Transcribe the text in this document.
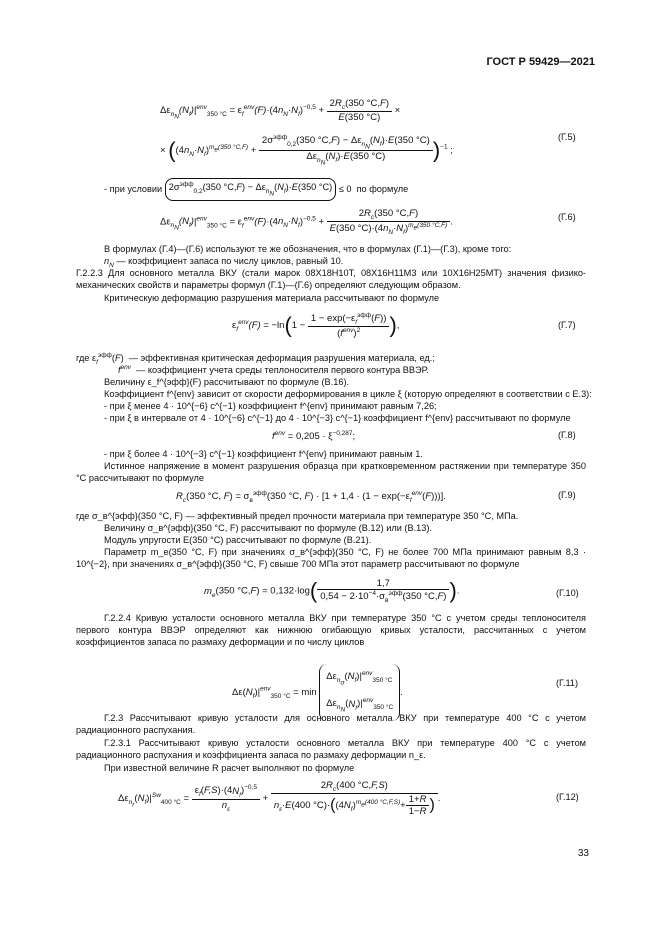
ГОСТ Р 59429—2021
$\Delta\varepsilon_{n_N}(N_f)|^{env}_{350 ^\circ C} = \varepsilon_f^{env}(F)\cdot(4n_N\cdot N_f)^{-0,5} + \frac{2R_c(350 ^\circ C,F)}{E(350 ^\circ C)}$ ×
× ($(4n_N\cdot N_f)^{m_e(350 ^\circ C,F)}$ +
$2\sigma^{эфф}_{0,2}(350$ $^\circ C,F) - \Delta\varepsilon_{n_N}(N_f)\cdot E(350$ °C)
$\Delta\varepsilon_{n_N}(N_f)\cdot E(350$ °C)	)$^{-1}$ ;
(Г.5)
- при условии $2\sigma^{эфф}_{0,2}(350$ $^\circ C,F) - \Delta\varepsilon_{n_N}(N_f)\cdot E(350$ °C) ≤ 0  по формуле
$\Delta\varepsilon_{n_N}(N_f)|^{env}_{350 ^\circ C} = \varepsilon_f^{env}(F)\cdot(4n_N\cdot N_f)^{-0,5} + \frac{2R_c(350 ^\circ C,F)}{E(350 ^\circ C)\cdot(4n_N\cdot N_f)^{m_e(350 ^\circ C,F)}}$ .	(Г.6)
В формулах (Г.4)—(Г.6) используют те же обозначения, что в формулах (Г.1)—(Г.3), кроме того:
$n_N$ — коэффициент запаса по числу циклов, равный 10.
Г.2.2.3 Для основного металла ВКУ (стали марок 08Х18Н10Т, 08Х16Н11М3 или 10Х16Н25МТ) значения физико-механических свойств и параметры формул (Г.1)—(Г.6) определяют следующим образом.
Критическую деформацию разрушения материала рассчитывают по формуле
$\varepsilon_f^{env}(F) = -\ln(1$ −
$1 - \exp(-\varepsilon_f^{эфф}(F))$
$(f^{env})^2$	),	(Г.7)
где $\varepsilon_f^{эфф}(F)$  — эффективная критическая деформация разрушения материала, ед.;
$f^{env}$  — коэффициент учета среды теплоносителя первого контура ВВЭР.
Величину ε_f^{эфф}(F) рассчитывают по формуле (В.16).
Коэффициент f^{env} зависит от скорости деформирования в цикле ξ (которую определяют в соответствии с Е.3):
- при ξ менее 4 · 10^{−6} с^{−1} коэффициент f^{env} принимают равным 7,26;
- при ξ в интервале от 4 · 10^{−6} с^{−1} до 4 · 10^{−3} с^{−1} коэффициент f^{env} рассчитывают по формуле
$f^{env} = 0,205 \cdot \xi^{-0,287}$;	(Г.8)
- при ξ более 4 · 10^{−3} с^{−1} коэффициент f^{env} принимают равным 1.
Истинное напряжение в момент разрушения образца при кратковременном растяжении при температуре 350 °С рассчитывают по формуле
$R_c(350$ °C, $F) = \sigma_в^{эфф}(350$ °C, $F) \cdot [1 + 1,4 \cdot (1 - \exp(-\varepsilon_f^{env}(F)))]$.	(Г.9)
где σ_в^{эфф}(350 °С, F) — эффективный предел прочности материала при температуре 350 °С, МПа.
Величину σ_в^{эфф}(350 °С, F) рассчитывают по формуле (В.12) или (В.13).
Модуль упругости E(350 °С) рассчитывают по формуле (В.21).
Параметр m_e(350 °С, F) при значениях σ_в^{эфф}(350 °С, F) не более 700 МПа принимают равным 8,3 · 10^{−2}, при значениях σ_в^{эфф}(350 °С, F) свыше 700 МПа этот параметр рассчитывают по формуле
$m_e(350$ °C,F) = 0,132·log(	1,7
$0,54 - 2\cdot 10^{-4}\cdot\sigma_в^{эфф}(350$ °C,F) ).	(Г.10)
Г.2.2.4 Кривую усталости основного металла ВКУ при температуре 350 °С с учетом среды теплоносителя первого контура ВВЭР определяют как нижнюю огибающую кривых усталости, рассчитанных с учетом коэффициентов запаса по размаху деформации и по числу циклов
$\Delta\varepsilon(N_f)|^{env}_{350 ^\circ C} = \min \Delta\varepsilon_{n_\sigma}(N_f)|^{env}_{350 ^\circ C}$
$\Delta\varepsilon_{n_N}(N_f)|^{env}_{350 ^\circ C}$.
(Г.11)
Г.2.3 Рассчитывают кривую усталости для основного металла ВКУ при температуре 400 °С с учетом радиационного распухания.
Г.2.3.1 Рассчитывают кривую усталости основного металла ВКУ при температуре 400 °С с учетом радиационного распухания и коэффициента запаса по размаху деформации n_ε.
При известной величине R расчет выполняют по формуле
$\Delta\varepsilon_{n_r}(N_f)|^{Sw}_{400 ^\circ C} = \frac{\varepsilon_f(F,S)\cdot(4N_f)^{-0,5}}{n_\varepsilon} + \frac{2R_c(400 ^\circ C,F,S)}{n_\varepsilon\cdot E(400 ^\circ C)\cdot((4N_f)^{m_e(400 ^\circ C,F,S)}+ \frac{1+R}{1-R} )}$ .	(Г.12)
33
